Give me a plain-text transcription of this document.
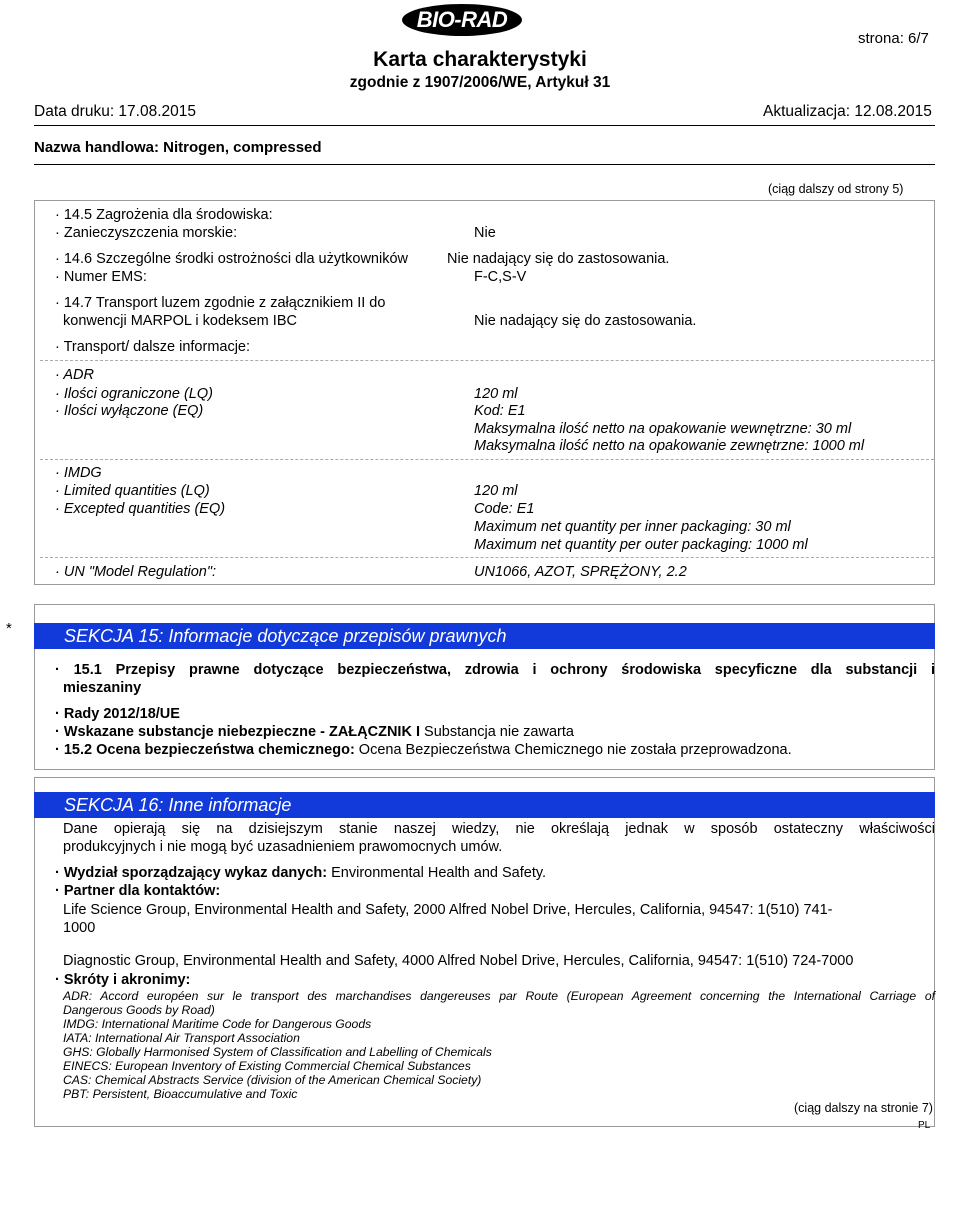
BIO-RAD
strona: 6/7
Karta charakterystyki
zgodnie z 1907/2006/WE, Artykuł 31
Data druku: 17.08.2015	Aktualizacja: 12.08.2015
Nazwa handlowa: Nitrogen, compressed
(ciąg dalszy od strony 5)
· 14.5 Zagrożenia dla środowiska:
· Zanieczyszczenia morskie:	Nie
· 14.6 Szczególne środki ostrożności dla użytkowników	Nie nadający się do zastosowania.
· Numer EMS:	F-C,S-V
· 14.7 Transport luzem zgodnie z załącznikiem II do
konwencji MARPOL i kodeksem IBC	Nie nadający się do zastosowania.
· Transport/ dalsze informacje:
· ADR
· Ilości ograniczone (LQ)	120 ml
· Ilości wyłączone (EQ)	Kod: E1
Maksymalna ilość netto na opakowanie wewnętrzne: 30 ml
Maksymalna ilość netto na opakowanie zewnętrzne: 1000 ml
· IMDG
· Limited quantities (LQ)	120 ml
· Excepted quantities (EQ)	Code: E1
Maximum net quantity per inner packaging: 30 ml
Maximum net quantity per outer packaging: 1000 ml
· UN "Model Regulation":	UN1066, AZOT, SPRĘŻONY, 2.2
*	SEKCJA 15: Informacje dotyczące przepisów prawnych
· 15.1 Przepisy prawne dotyczące bezpieczeństwa, zdrowia i ochrony środowiska specyficzne dla substancji i
mieszaniny
· Rady 2012/18/UE
· Wskazane substancje niebezpieczne - ZAŁĄCZNIK I Substancja nie zawarta
· 15.2 Ocena bezpieczeństwa chemicznego: Ocena Bezpieczeństwa Chemicznego nie została przeprowadzona.
SEKCJA 16: Inne informacje
Dane opierają się na dzisiejszym stanie naszej wiedzy, nie określają jednak w sposób ostateczny właściwości
produkcyjnych i nie mogą być uzasadnieniem prawomocnych umów.
· Wydział sporządzający wykaz danych: Environmental Health and Safety.
· Partner dla kontaktów:
Life Science Group, Environmental Health and Safety, 2000 Alfred Nobel Drive, Hercules, California, 94547: 1(510) 741-
1000
Diagnostic Group, Environmental Health and Safety, 4000 Alfred Nobel Drive, Hercules, California, 94547: 1(510) 724-7000
· Skróty i akronimy:
ADR: Accord européen sur le transport des marchandises dangereuses par Route (European Agreement concerning the International Carriage of
Dangerous Goods by Road)
IMDG: International Maritime Code for Dangerous Goods
IATA: International Air Transport Association
GHS: Globally Harmonised System of Classification and Labelling of Chemicals
EINECS: European Inventory of Existing Commercial Chemical Substances
CAS: Chemical Abstracts Service (division of the American Chemical Society)
PBT: Persistent, Bioaccumulative and Toxic
(ciąg dalszy na stronie 7)
PL
